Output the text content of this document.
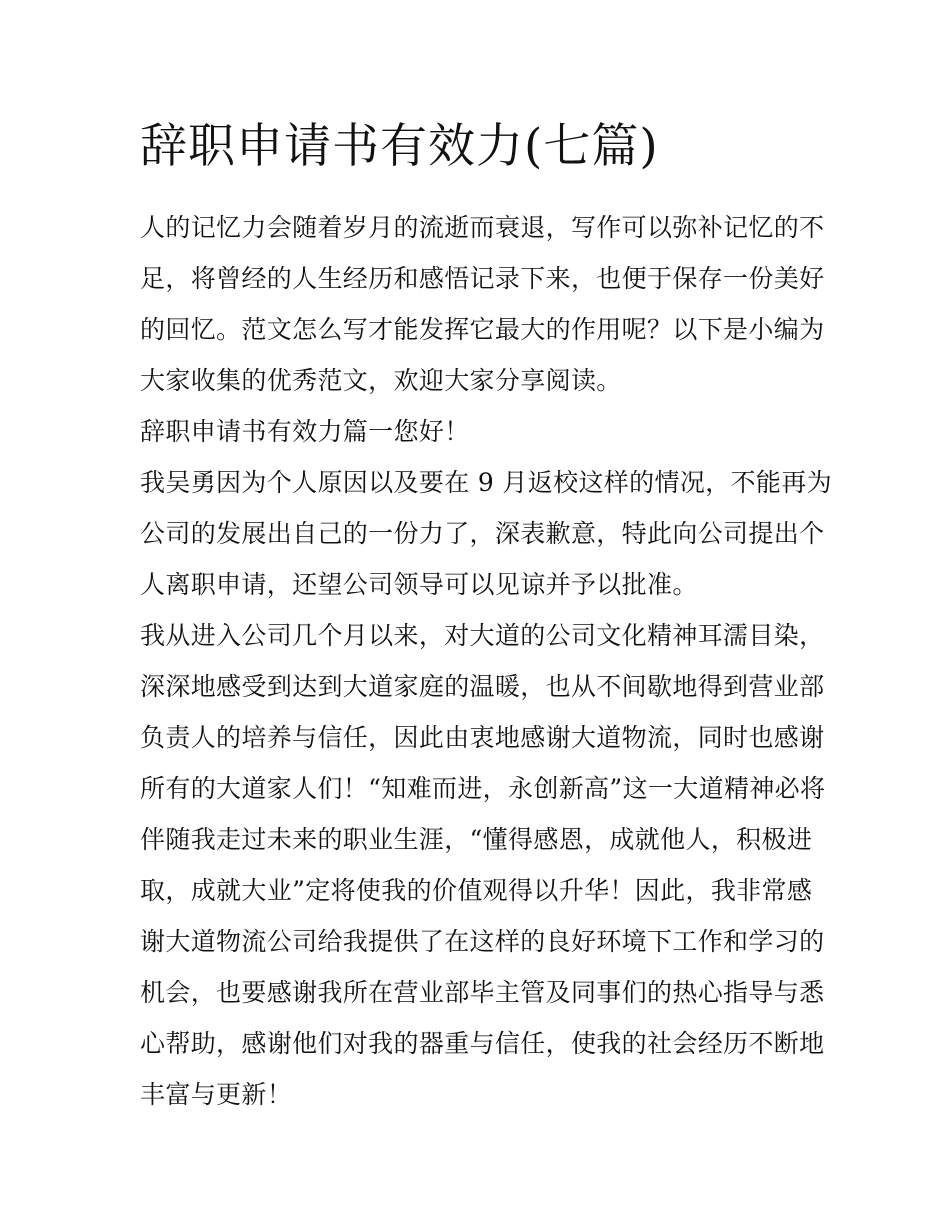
辞职申请书有效力(七篇)

人的记忆力会随着岁月的流逝而衰退，写作可以弥补记忆的不

足，将曾经的人生经历和感悟记录下来，也便于保存一份美好

的回忆。范文怎么写才能发挥它最大的作用呢？以下是小编为

大家收集的优秀范文，欢迎大家分享阅读。

辞职申请书有效力篇一您好！

我吴勇因为个人原因以及要在 9 月返校这样的情况，不能再为

公司的发展出自己的一份力了，深表歉意，特此向公司提出个

人离职申请，还望公司领导可以见谅并予以批准。

我从进入公司几个月以来，对大道的公司文化精神耳濡目染，

深深地感受到达到大道家庭的温暖，也从不间歇地得到营业部

负责人的培养与信任，因此由衷地感谢大道物流，同时也感谢

所有的大道家人们！“知难而进，永创新高”这一大道精神必将

伴随我走过未来的职业生涯，“懂得感恩，成就他人，积极进

取，成就大业”定将使我的价值观得以升华！因此，我非常感

谢大道物流公司给我提供了在这样的良好环境下工作和学习的

机会，也要感谢我所在营业部毕主管及同事们的热心指导与悉

心帮助，感谢他们对我的器重与信任，使我的社会经历不断地

丰富与更新！
